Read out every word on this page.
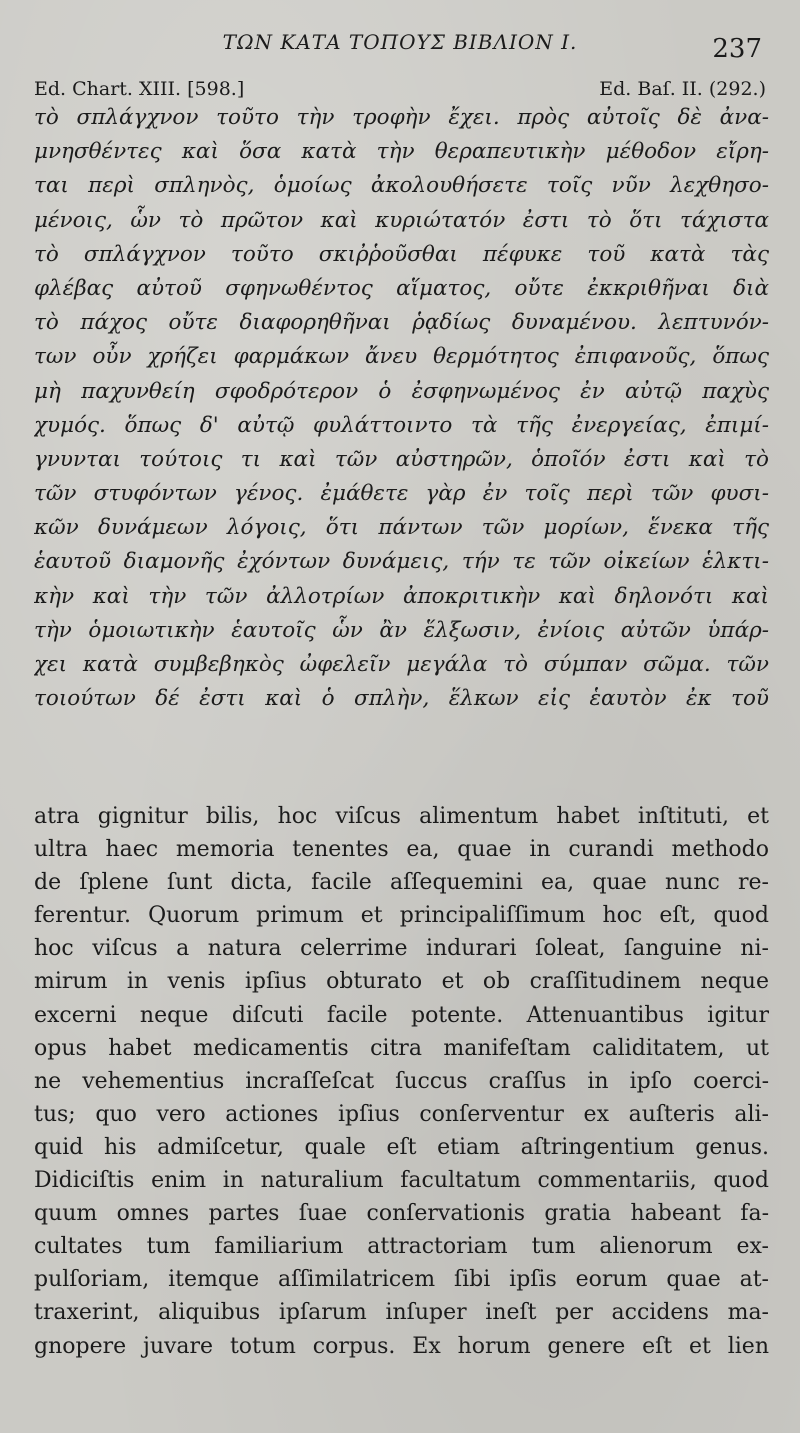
ΤΩΝ ΚΑΤΑ ΤΟΠΟΥΣ ΒΙΒΛΙΟΝ Ι.	237
Ed. Chart. XIII. [598.]	Ed. Baſ. II. (292.)
τὸ σπλάγχνον τοῦτο τὴν τροφὴν ἔχει. πρὸς αὐτοῖς δὲ ἀνα-
μνησθέντες καὶ ὅσα κατὰ τὴν θεραπευτικὴν μέθοδον εἴρη-
ται περὶ σπληνὸς, ὁμοίως ἀκολουθήσετε τοῖς νῦν λεχθησο-
μένοις, ὧν τὸ πρῶτον καὶ κυριώτατόν ἐστι τὸ ὅτι τάχιστα
τὸ σπλάγχνον τοῦτο σκιῤῥοῦσθαι πέφυκε τοῦ κατὰ τὰς
φλέβας αὐτοῦ σφηνωθέντος αἵματος, οὔτε ἐκκριθῆναι διὰ
τὸ πάχος οὔτε διαφορηθῆναι ῥᾳδίως δυναμένου. λεπτυνόν-
των οὖν χρήζει φαρμάκων ἄνευ θερμότητος ἐπιφανοῦς, ὅπως
μὴ παχυνθείη σφοδρότερον ὁ ἐσφηνωμένος ἐν αὐτῷ παχὺς
χυμός. ὅπως δ' αὐτῷ φυλάττοιντο τὰ τῆς ἐνεργείας, ἐπιμί-
γνυνται τούτοις τι καὶ τῶν αὐστηρῶν, ὁποῖόν ἐστι καὶ τὸ
τῶν στυφόντων γένος. ἐμάθετε γὰρ ἐν τοῖς περὶ τῶν φυσι-
κῶν δυνάμεων λόγοις, ὅτι πάντων τῶν μορίων, ἕνεκα τῆς
ἑαυτοῦ διαμονῆς ἐχόντων δυνάμεις, τήν τε τῶν οἰκείων ἑλκτι-
κὴν καὶ τὴν τῶν ἀλλοτρίων ἀποκριτικὴν καὶ δηλονότι καὶ
τὴν ὁμοιωτικὴν ἑαυτοῖς ὧν ἂν ἕλξωσιν, ἐνίοις αὐτῶν ὑπάρ-
χει κατὰ συμβεβηκὸς ὠφελεῖν μεγάλα τὸ σύμπαν σῶμα. τῶν
τοιούτων δέ ἐστι καὶ ὁ σπλὴν, ἕλκων εἰς ἑαυτὸν ἐκ τοῦ
atra gignitur bilis, hoc viſcus alimentum habet inſtituti, et
ultra haec memoria tenentes ea, quae in curandi methodo
de ſplene ſunt dicta, facile aſſequemini ea, quae nunc re-
ferentur. Quorum primum et principaliſſimum hoc eſt, quod
hoc viſcus a natura celerrime indurari ſoleat, ſanguine ni-
mirum in venis ipſius obturato et ob craſſitudinem neque
excerni neque diſcuti facile potente. Attenuantibus igitur
opus habet medicamentis citra manifeſtam caliditatem, ut
ne vehementius incraſſeſcat ſuccus craſſus in ipſo coerci-
tus; quo vero actiones ipſius conſerventur ex auſteris ali-
quid his admiſcetur, quale eſt etiam aſtringentium genus.
Didiciſtis enim in naturalium facultatum commentariis, quod
quum omnes partes ſuae conſervationis gratia habeant fa-
cultates tum familiarium attractoriam tum alienorum ex-
pulſoriam, itemque aſſimilatricem ſibi ipſis eorum quae at-
traxerint, aliquibus ipſarum inſuper ineſt per accidens ma-
gnopere juvare totum corpus. Ex horum genere eſt et lien
